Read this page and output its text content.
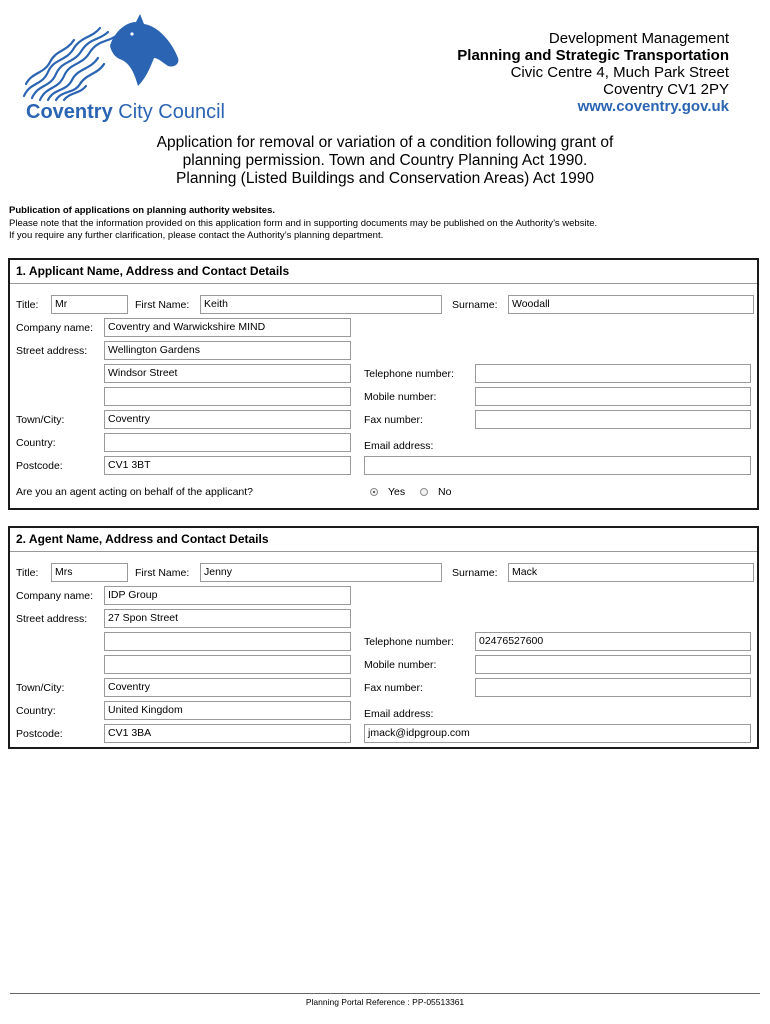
Coventry City Council
Development Management
Planning and Strategic Transportation
Civic Centre 4, Much Park Street
Coventry CV1 2PY
www.coventry.gov.uk
Application for removal or variation of a condition following grant of
planning permission. Town and Country Planning Act 1990.
Planning (Listed Buildings and Conservation Areas) Act 1990
Publication of applications on planning authority websites.
Please note that the information provided on this application form and in supporting documents may be published on the Authority’s website.
If you require any further clarification, please contact the Authority’s planning department.
1. Applicant Name, Address and Contact Details
Title:	Mr	First Name:	Keith	Surname:	Woodall
Company name:	Coventry and Warwickshire MIND
Street address:	Wellington Gardens
Windsor Street	Telephone number:
Mobile number:
Town/City:	Coventry	Fax number:
Country:	Email address:
Postcode:	CV1 3BT
Are you an agent acting on behalf of the applicant?	Yes	No
2. Agent Name, Address and Contact Details
Title:	Mrs	First Name:	Jenny	Surname:	Mack
Company name:	IDP Group
Street address:	27 Spon Street
Telephone number:	02476527600
Mobile number:
Town/City:	Coventry	Fax number:
Country:	United Kingdom	Email address:
Postcode:	CV1 3BA	jmack@idpgroup.com
Planning Portal Reference : PP-05513361
